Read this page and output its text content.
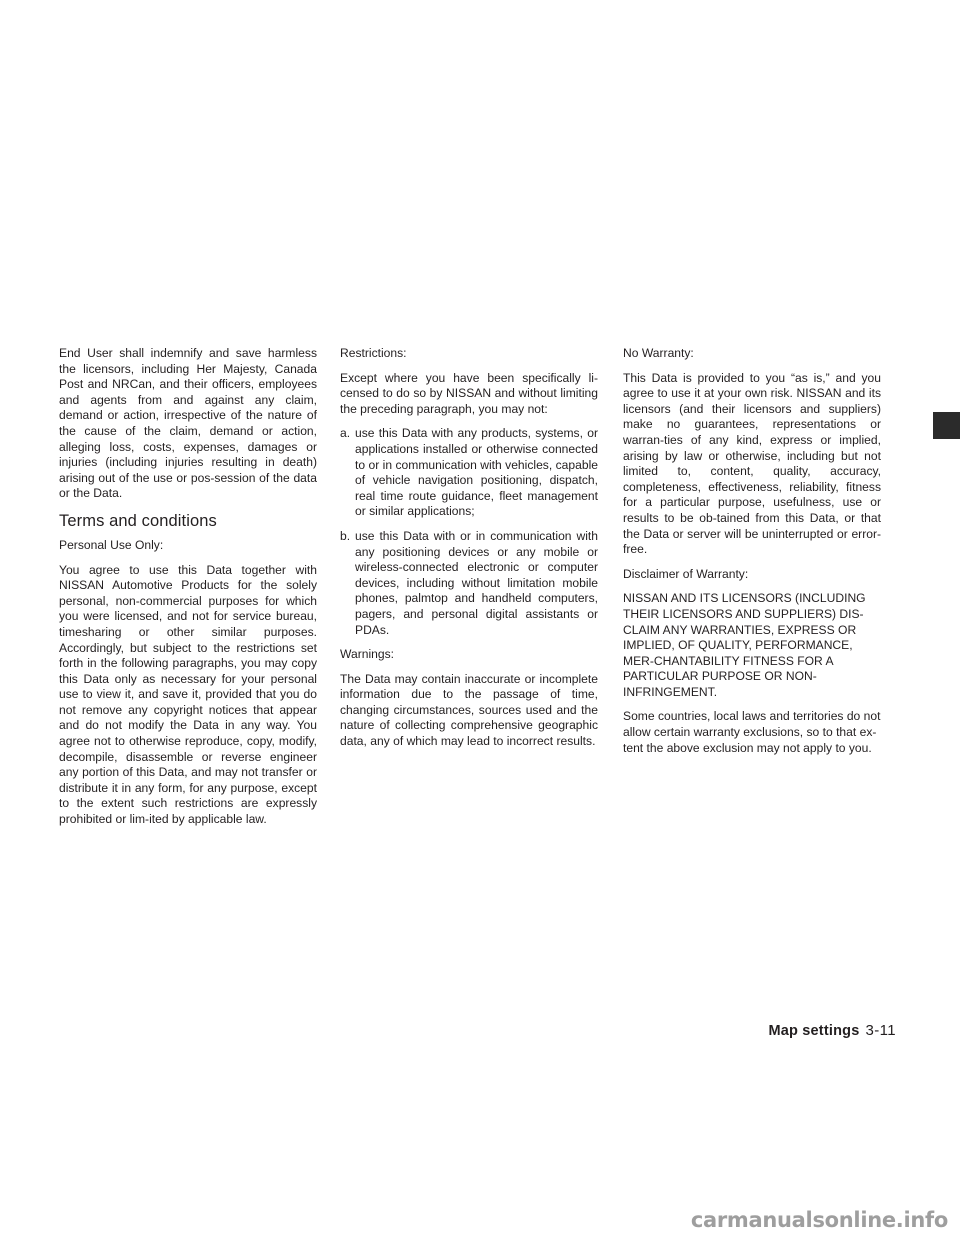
End User shall indemnify and save harmless the licensors, including Her Majesty, Canada Post and NRCan, and their officers, employees and agents from and against any claim, demand or action, irrespective of the nature of the cause of the claim, demand or action, alleging loss, costs, expenses, damages or injuries (including injuries resulting in death) arising out of the use or pos-session of the data or the Data.

Terms and conditions

Personal Use Only:

You agree to use this Data together with NISSAN Automotive Products for the solely personal, non-commercial purposes for which you were licensed, and not for service bureau, timesharing or other similar purposes. Accordingly, but subject to the restrictions set forth in the following paragraphs, you may copy this Data only as necessary for your personal use to view it, and save it, provided that you do not remove any copyright notices that appear and do not modify the Data in any way. You agree not to otherwise reproduce, copy, modify, decompile, disassemble or reverse engineer any portion of this Data, and may not transfer or distribute it in any form, for any purpose, except to the extent such restrictions are expressly prohibited or lim-ited by applicable law.

Restrictions:

Except where you have been specifically li-censed to do so by NISSAN and without limiting the preceding paragraph, you may not:

a. use this Data with any products, systems, or applications installed or otherwise connected to or in communication with vehicles, capable of vehicle navigation positioning, dispatch, real time route guidance, fleet management or similar applications;
b. use this Data with or in communication with any positioning devices or any mobile or wireless-connected electronic or computer devices, including without limitation mobile phones, palmtop and handheld computers, pagers, and personal digital assistants or PDAs.

Warnings:

The Data may contain inaccurate or incomplete information due to the passage of time, changing circumstances, sources used and the nature of collecting comprehensive geographic data, any of which may lead to incorrect results.

No Warranty:

This Data is provided to you “as is,” and you agree to use it at your own risk. NISSAN and its licensors (and their licensors and suppliers) make no guarantees, representations or warran-ties of any kind, express or implied, arising by law or otherwise, including but not limited to, content, quality, accuracy, completeness, effectiveness, reliability, fitness for a particular purpose, usefulness, use or results to be ob-tained from this Data, or that the Data or server will be uninterrupted or error-free.

Disclaimer of Warranty:

NISSAN AND ITS LICENSORS (INCLUDING THEIR LICENSORS AND SUPPLIERS) DIS-CLAIM ANY WARRANTIES, EXPRESS OR IMPLIED, OF QUALITY, PERFORMANCE, MER-CHANTABILITY FITNESS FOR A PARTICULAR PURPOSE OR NON-INFRINGEMENT.

Some countries, local laws and territories do not allow certain warranty exclusions, so to that ex-tent the above exclusion may not apply to you.

Map settings 3-11
carmanualsonline.info
